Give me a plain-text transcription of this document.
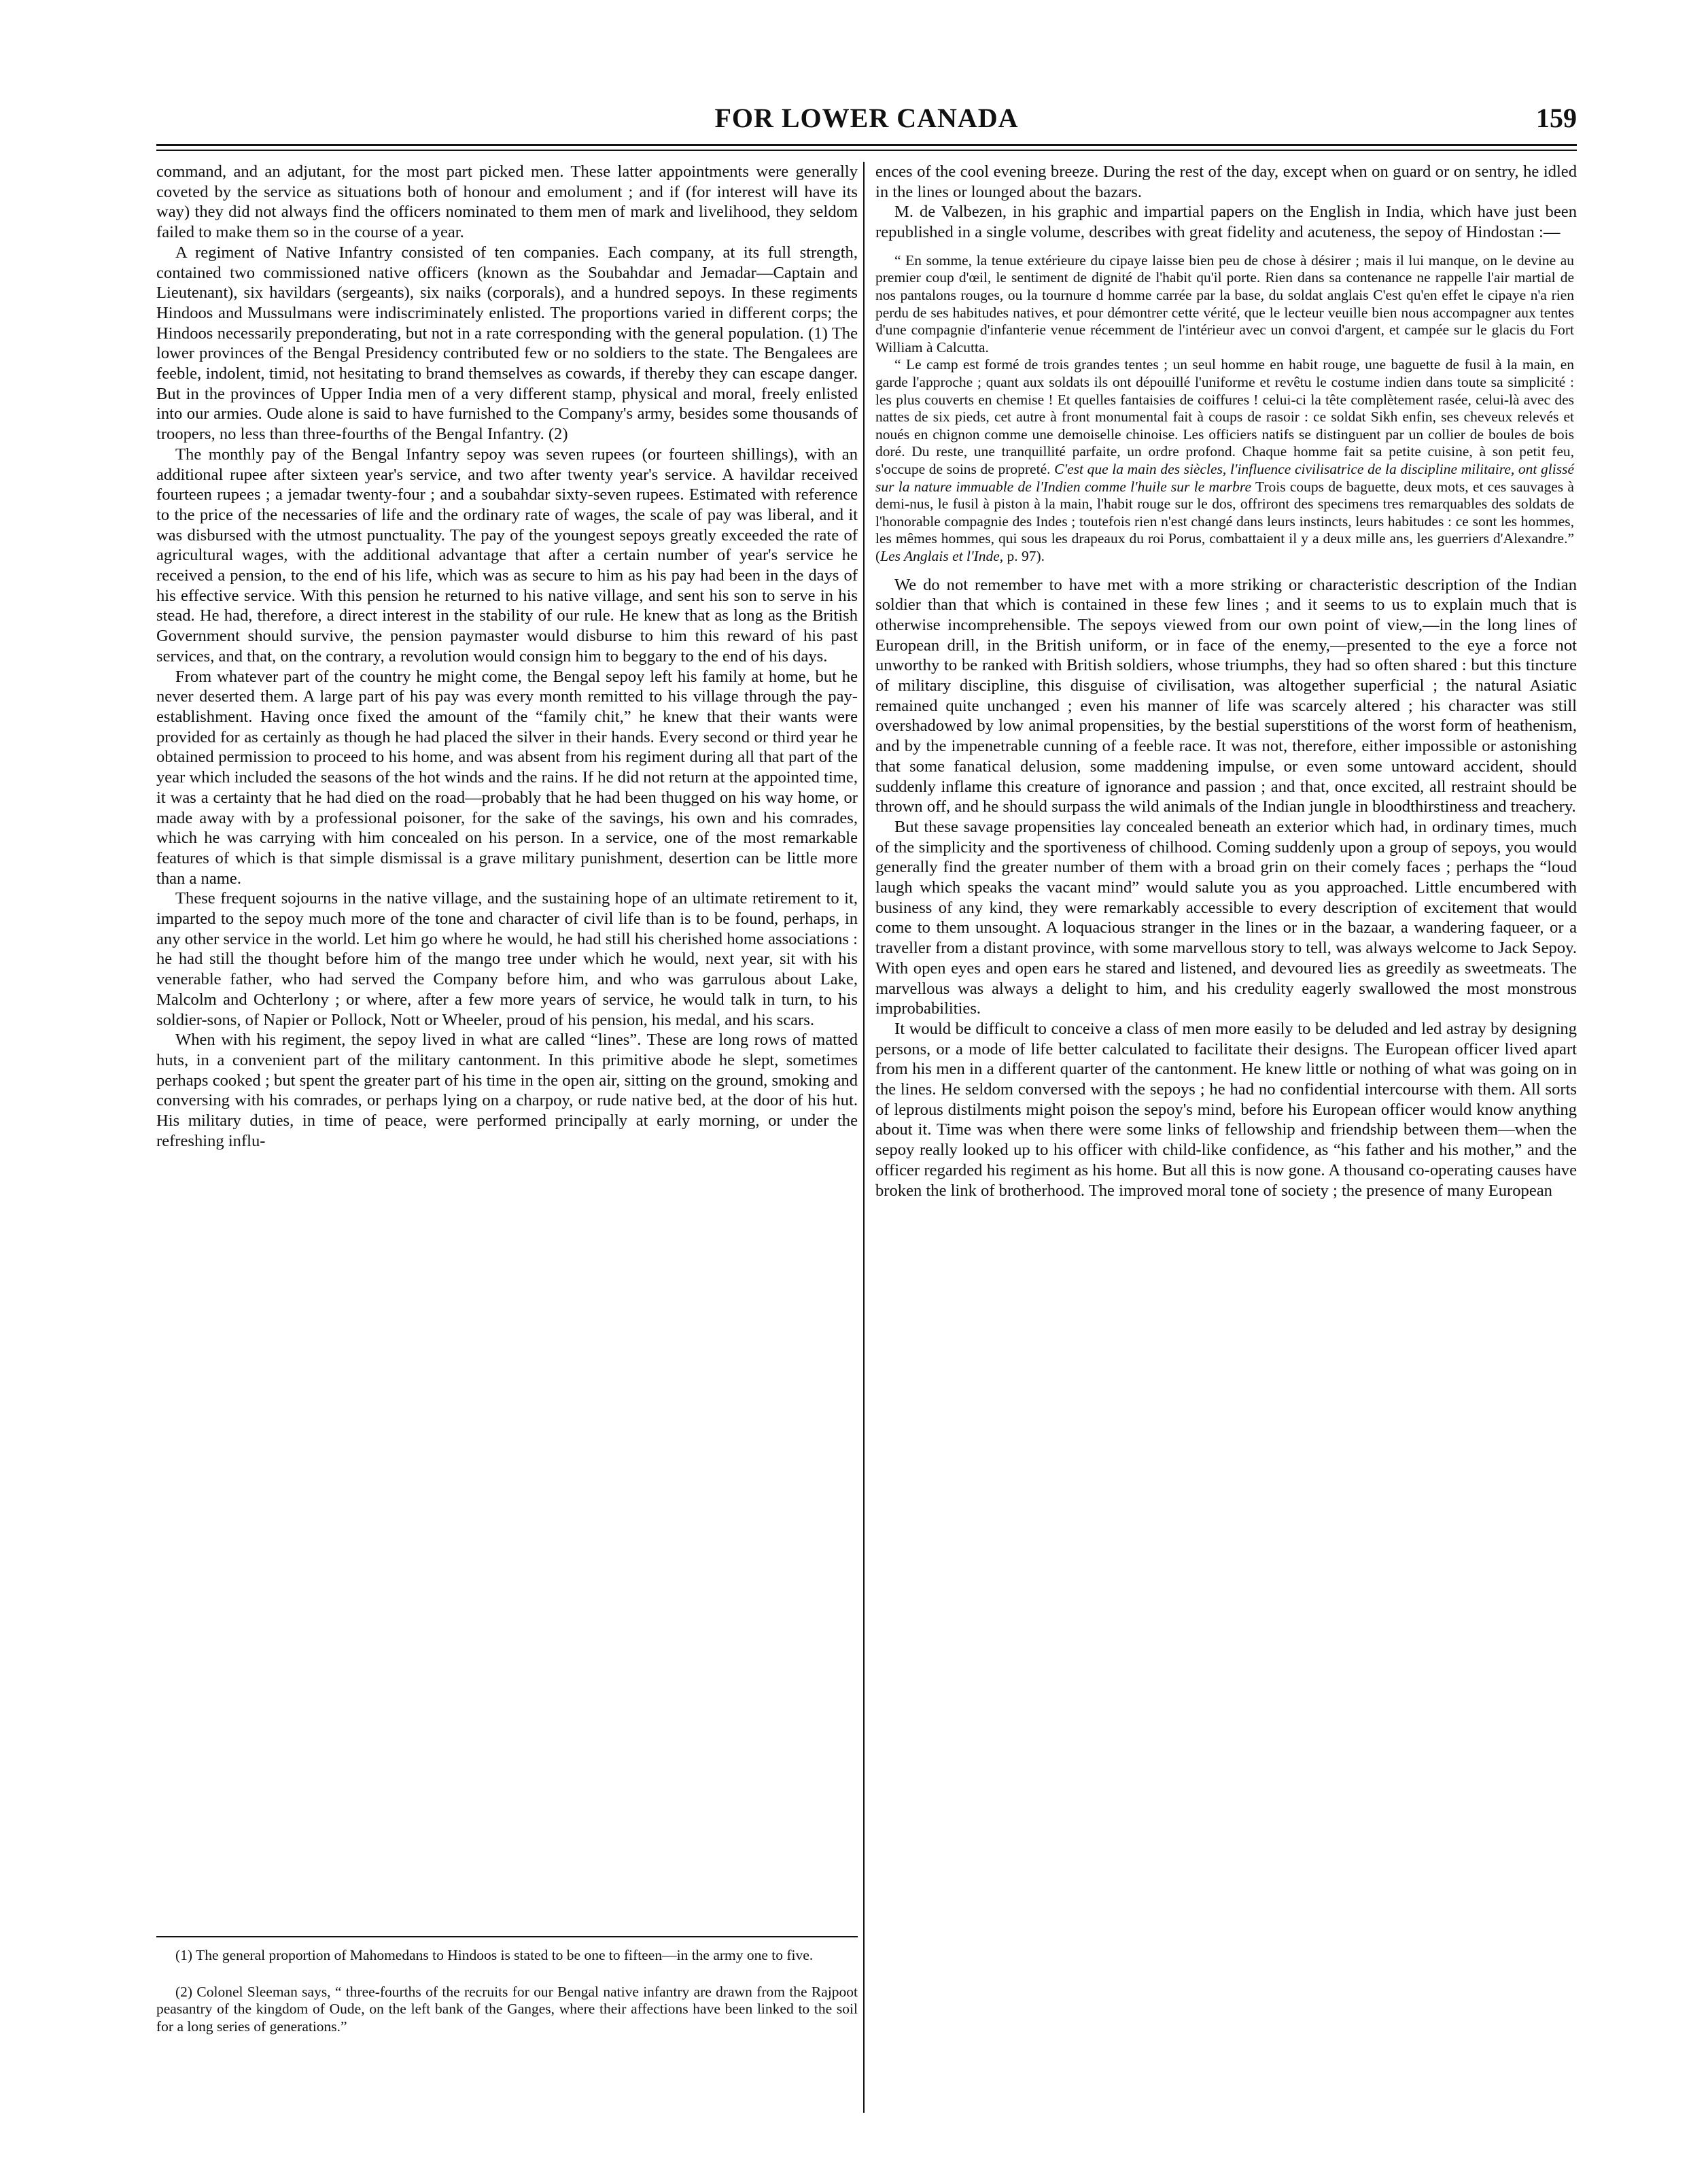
FOR LOWER CANADA	159

command, and an adjutant, for the most part picked men. These latter appointments were generally coveted by the service as situations both of honour and emolument ; and if (for interest will have its way) they did not always find the officers nominated to them men of mark and livelihood, they seldom failed to make them so in the course of a year.

A regiment of Native Infantry consisted of ten companies. Each company, at its full strength, contained two commissioned native officers (known as the Soubahdar and Jemadar—Captain and Lieutenant), six havildars (sergeants), six naiks (corporals), and a hundred sepoys. In these regiments Hindoos and Mussulmans were indiscriminately enlisted. The proportions varied in different corps; the Hindoos necessarily preponderating, but not in a rate corresponding with the general population. (1) The lower provinces of the Bengal Presidency contributed few or no soldiers to the state. The Bengalees are feeble, indolent, timid, not hesitating to brand themselves as cowards, if thereby they can escape danger. But in the provinces of Upper India men of a very different stamp, physical and moral, freely enlisted into our armies. Oude alone is said to have furnished to the Company's army, besides some thousands of troopers, no less than three-fourths of the Bengal Infantry. (2)

The monthly pay of the Bengal Infantry sepoy was seven rupees (or fourteen shillings), with an additional rupee after sixteen year's service, and two after twenty year's service. A havildar received fourteen rupees ; a jemadar twenty-four ; and a soubahdar sixty-seven rupees. Estimated with reference to the price of the necessaries of life and the ordinary rate of wages, the scale of pay was liberal, and it was disbursed with the utmost punctuality. The pay of the youngest sepoys greatly exceeded the rate of agricultural wages, with the additional advantage that after a certain number of year's service he received a pension, to the end of his life, which was as secure to him as his pay had been in the days of his effective service. With this pension he returned to his native village, and sent his son to serve in his stead. He had, therefore, a direct interest in the stability of our rule. He knew that as long as the British Government should survive, the pension paymaster would disburse to him this reward of his past services, and that, on the contrary, a revolution would consign him to beggary to the end of his days.

From whatever part of the country he might come, the Bengal sepoy left his family at home, but he never deserted them. A large part of his pay was every month remitted to his village through the pay-establishment. Having once fixed the amount of the “family chit,” he knew that their wants were provided for as certainly as though he had placed the silver in their hands. Every second or third year he obtained permission to proceed to his home, and was absent from his regiment during all that part of the year which included the seasons of the hot winds and the rains. If he did not return at the appointed time, it was a certainty that he had died on the road—probably that he had been thugged on his way home, or made away with by a professional poisoner, for the sake of the savings, his own and his comrades, which he was carrying with him concealed on his person. In a service, one of the most remarkable features of which is that simple dismissal is a grave military punishment, desertion can be little more than a name.

These frequent sojourns in the native village, and the sustaining hope of an ultimate retirement to it, imparted to the sepoy much more of the tone and character of civil life than is to be found, perhaps, in any other service in the world. Let him go where he would, he had still his cherished home associations : he had still the thought before him of the mango tree under which he would, next year, sit with his venerable father, who had served the Company before him, and who was garrulous about Lake, Malcolm and Ochterlony ; or where, after a few more years of service, he would talk in turn, to his soldier-sons, of Napier or Pollock, Nott or Wheeler, proud of his pension, his medal, and his scars.

When with his regiment, the sepoy lived in what are called “lines”. These are long rows of matted huts, in a convenient part of the military cantonment. In this primitive abode he slept, sometimes perhaps cooked ; but spent the greater part of his time in the open air, sitting on the ground, smoking and conversing with his comrades, or perhaps lying on a charpoy, or rude native bed, at the door of his hut. His military duties, in time of peace, were performed principally at early morning, or under the refreshing influ-

ences of the cool evening breeze. During the rest of the day, except when on guard or on sentry, he idled in the lines or lounged about the bazars.

M. de Valbezen, in his graphic and impartial papers on the English in India, which have just been republished in a single volume, describes with great fidelity and acuteness, the sepoy of Hindostan :—

“ En somme, la tenue extérieure du cipaye laisse bien peu de chose à désirer ; mais il lui manque, on le devine au premier coup d'œil, le sentiment de dignité de l'habit qu'il porte. Rien dans sa contenance ne rappelle l'air martial de nos pantalons rouges, ou la tournure d homme carrée par la base, du soldat anglais C'est qu'en effet le cipaye n'a rien perdu de ses habitudes natives, et pour démontrer cette vérité, que le lecteur veuille bien nous accompagner aux tentes d'une compagnie d'infanterie venue récemment de l'intérieur avec un convoi d'argent, et campée sur le glacis du Fort William à Calcutta.

“ Le camp est formé de trois grandes tentes ; un seul homme en habit rouge, une baguette de fusil à la main, en garde l'approche ; quant aux soldats ils ont dépouillé l'uniforme et revêtu le costume indien dans toute sa simplicité : les plus couverts en chemise ! Et quelles fantaisies de coiffures ! celui-ci la tête complètement rasée, celui-là avec des nattes de six pieds, cet autre à front monumental fait à coups de rasoir : ce soldat Sikh enfin, ses cheveux relevés et noués en chignon comme une demoiselle chinoise. Les officiers natifs se distinguent par un collier de boules de bois doré. Du reste, une tranquillité parfaite, un ordre profond. Chaque homme fait sa petite cuisine, à son petit feu, s'occupe de soins de propreté. C'est que la main des siècles, l'influence civilisatrice de la discipline militaire, ont glissé sur la nature immuable de l'Indien comme l'huile sur le marbre Trois coups de baguette, deux mots, et ces sauvages à demi-nus, le fusil à piston à la main, l'habit rouge sur le dos, offriront des specimens tres remarquables des soldats de l'honorable compagnie des Indes ; toutefois rien n'est changé dans leurs instincts, leurs habitudes : ce sont les hommes, les mêmes hommes, qui sous les drapeaux du roi Porus, combattaient il y a deux mille ans, les guerriers d'Alexandre.” (Les Anglais et l'Inde, p. 97).

We do not remember to have met with a more striking or characteristic description of the Indian soldier than that which is contained in these few lines ; and it seems to us to explain much that is otherwise incomprehensible. The sepoys viewed from our own point of view,—in the long lines of European drill, in the British uniform, or in face of the enemy,—presented to the eye a force not unworthy to be ranked with British soldiers, whose triumphs, they had so often shared : but this tincture of military discipline, this disguise of civilisation, was altogether superficial ; the natural Asiatic remained quite unchanged ; even his manner of life was scarcely altered ; his character was still overshadowed by low animal propensities, by the bestial superstitions of the worst form of heathenism, and by the impenetrable cunning of a feeble race. It was not, therefore, either impossible or astonishing that some fanatical delusion, some maddening impulse, or even some untoward accident, should suddenly inflame this creature of ignorance and passion ; and that, once excited, all restraint should be thrown off, and he should surpass the wild animals of the Indian jungle in bloodthirstiness and treachery.

But these savage propensities lay concealed beneath an exterior which had, in ordinary times, much of the simplicity and the sportiveness of chilhood. Coming suddenly upon a group of sepoys, you would generally find the greater number of them with a broad grin on their comely faces ; perhaps the “loud laugh which speaks the vacant mind” would salute you as you approached. Little encumbered with business of any kind, they were remarkably accessible to every description of excitement that would come to them unsought. A loquacious stranger in the lines or in the bazaar, a wandering faqueer, or a traveller from a distant province, with some marvellous story to tell, was always welcome to Jack Sepoy. With open eyes and open ears he stared and listened, and devoured lies as greedily as sweetmeats. The marvellous was always a delight to him, and his credulity eagerly swallowed the most monstrous improbabilities.

It would be difficult to conceive a class of men more easily to be deluded and led astray by designing persons, or a mode of life better calculated to facilitate their designs. The European officer lived apart from his men in a different quarter of the cantonment. He knew little or nothing of what was going on in the lines. He seldom conversed with the sepoys ; he had no confidential intercourse with them. All sorts of leprous distilments might poison the sepoy's mind, before his European officer would know anything about it. Time was when there were some links of fellowship and friendship between them—when the sepoy really looked up to his officer with child-like confidence, as “his father and his mother,” and the officer regarded his regiment as his home. But all this is now gone. A thousand co-operating causes have broken the link of brotherhood. The improved moral tone of society ; the presence of many European

(1) The general proportion of Mahomedans to Hindoos is stated to be one to fifteen—in the army one to five.

(2) Colonel Sleeman says, “ three-fourths of the recruits for our Bengal native infantry are drawn from the Rajpoot peasantry of the kingdom of Oude, on the left bank of the Ganges, where their affections have been linked to the soil for a long series of generations.”
